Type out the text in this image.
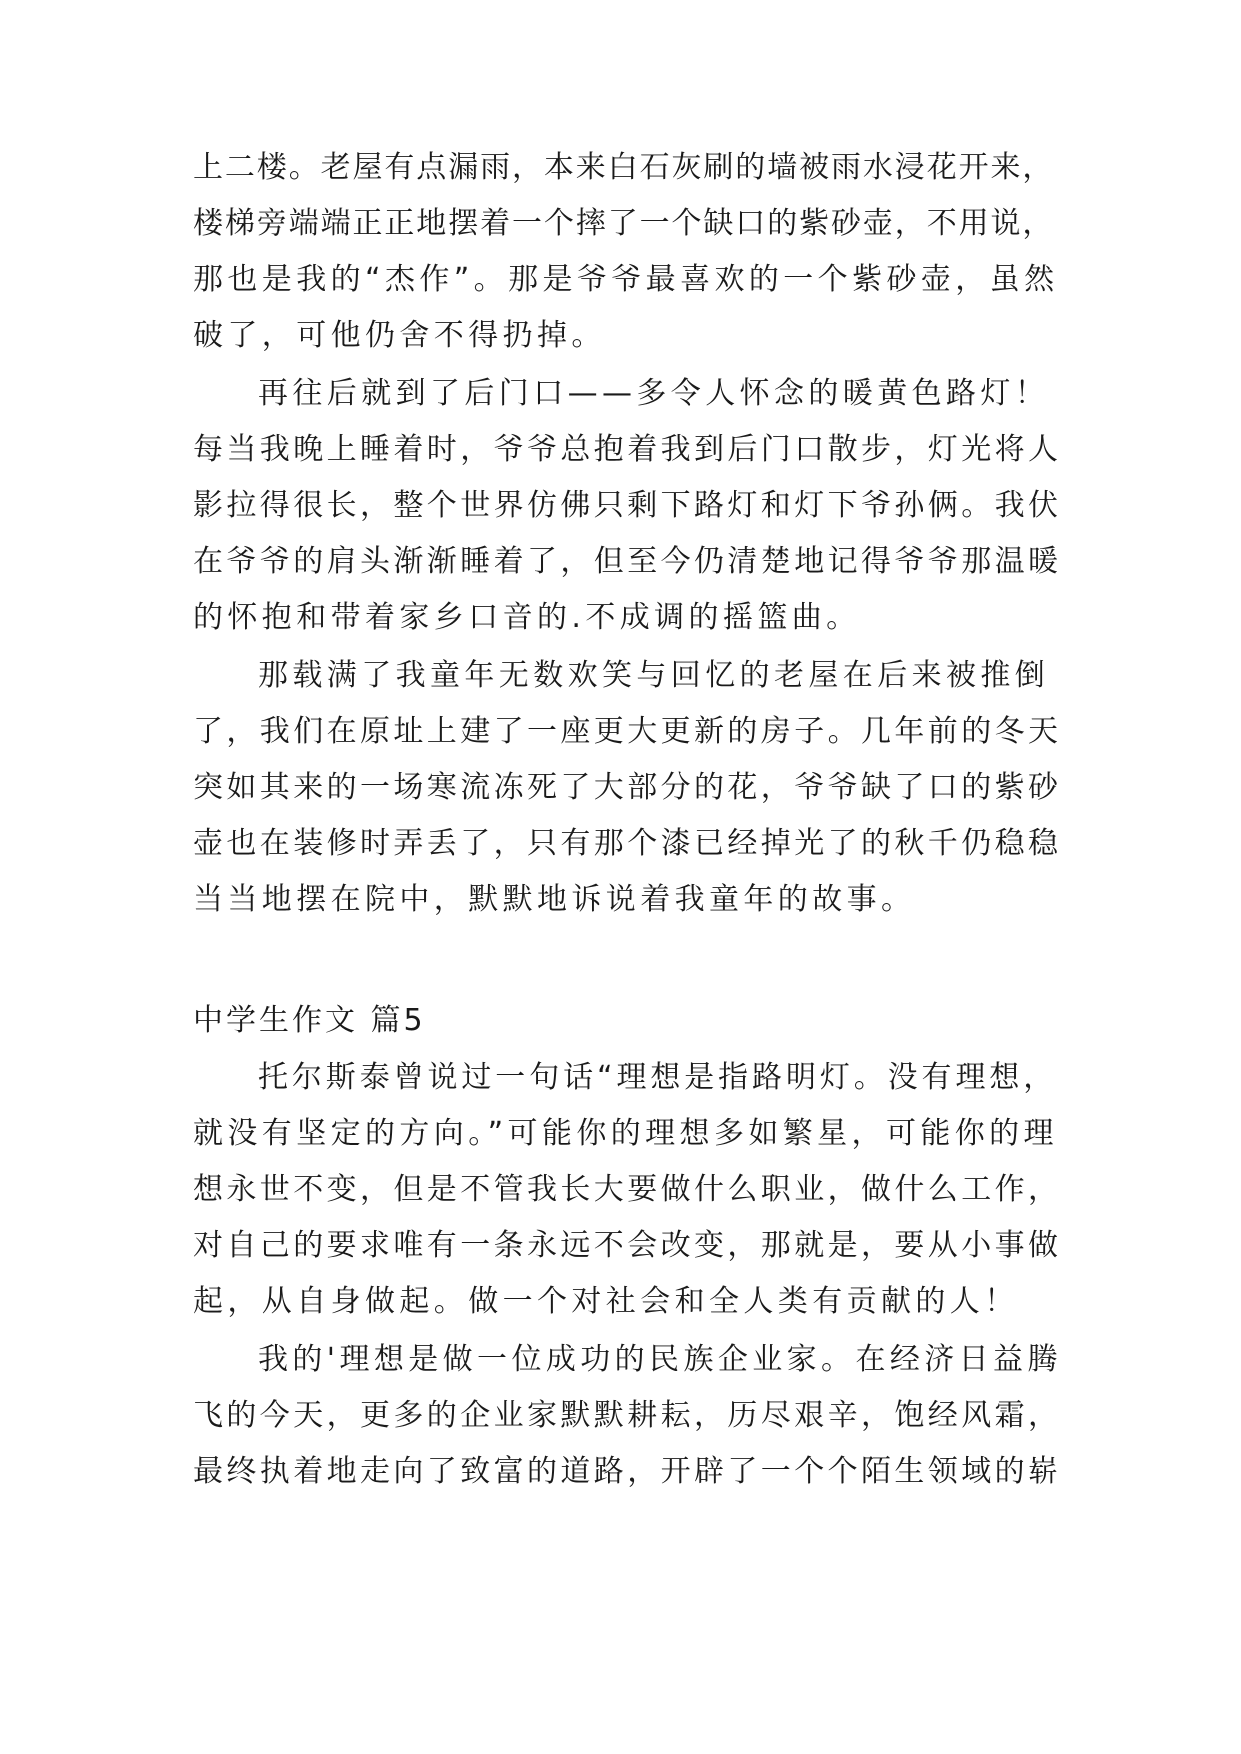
上二楼。老屋有点漏雨，本来白石灰刷的墙被雨水浸花开来，
楼梯旁端端正正地摆着一个摔了一个缺口的紫砂壶，不用说，
那也是我的“杰作”。那是爷爷最喜欢的一个紫砂壶，虽然
破了，可他仍舍不得扔掉。
再往后就到了后门口——多令人怀念的暖黄色路灯！
每当我晚上睡着时，爷爷总抱着我到后门口散步，灯光将人
影拉得很长，整个世界仿佛只剩下路灯和灯下爷孙俩。我伏
在爷爷的肩头渐渐睡着了，但至今仍清楚地记得爷爷那温暖
的怀抱和带着家乡口音的.不成调的摇篮曲。
那载满了我童年无数欢笑与回忆的老屋在后来被推倒
了，我们在原址上建了一座更大更新的房子。几年前的冬天
突如其来的一场寒流冻死了大部分的花，爷爷缺了口的紫砂
壶也在装修时弄丢了，只有那个漆已经掉光了的秋千仍稳稳
当当地摆在院中，默默地诉说着我童年的故事。
中学生作文 篇5
托尔斯泰曾说过一句话“理想是指路明灯。没有理想，
就没有坚定的方向。”可能你的理想多如繁星，可能你的理
想永世不变，但是不管我长大要做什么职业，做什么工作，
对自己的要求唯有一条永远不会改变，那就是，要从小事做
起，从自身做起。做一个对社会和全人类有贡献的人！
我的'理想是做一位成功的民族企业家。在经济日益腾
飞的今天，更多的企业家默默耕耘，历尽艰辛，饱经风霜，
最终执着地走向了致富的道路，开辟了一个个陌生领域的崭
